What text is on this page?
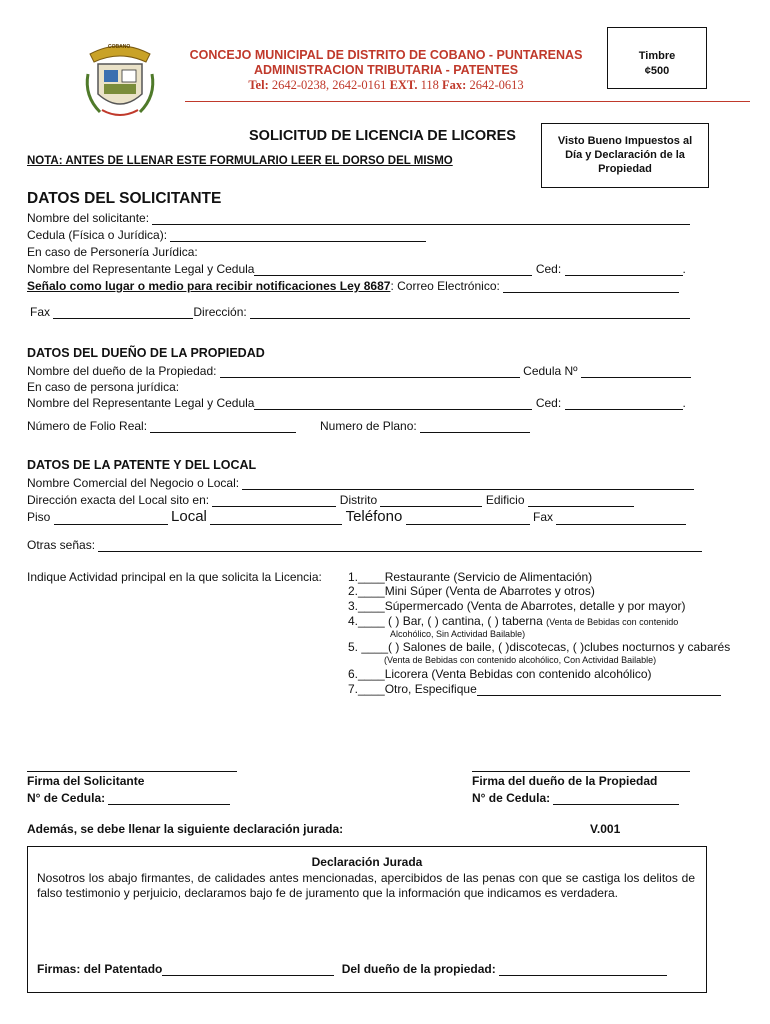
COBANO
CONCEJO MUNICIPAL DE DISTRITO DE COBANO - PUNTARENAS
ADMINISTRACION TRIBUTARIA - PATENTES
Tel: 2642-0238, 2642-0161 EXT. 118 Fax: 2642-0613
Timbre
¢500
SOLICITUD DE LICENCIA DE LICORES
NOTA: ANTES DE LLENAR ESTE FORMULARIO LEER EL DORSO DEL MISMO
Visto Bueno Impuestos al Día y Declaración de la Propiedad
DATOS DEL SOLICITANTE
Nombre del solicitante:
Cedula (Física o Jurídica):
En caso de Personería Jurídica:
Nombre del Representante Legal y Cedula	Ced:	.
Señalo como lugar o medio para recibir notificaciones Ley 8687: Correo Electrónico:
Fax	Dirección:
DATOS DEL DUEÑO DE LA PROPIEDAD
Nombre del dueño de la Propiedad:	Cedula Nº
En caso de persona jurídica:
Nombre del Representante Legal y Cedula	Ced:	.
Número de Folio Real:	Numero de Plano:
DATOS DE LA PATENTE Y DEL LOCAL
Nombre Comercial del Negocio o Local:
Dirección exacta del Local sito en:	Distrito	Edificio
Piso	Local	Teléfono	Fax
Otras señas:
Indique Actividad principal en la que solicita la Licencia: 1.____Restaurante (Servicio de Alimentación)
2.____Mini Súper (Venta de Abarrotes y otros)
3.____Súpermercado (Venta de Abarrotes, detalle y por mayor)
4.____ ( ) Bar, ( ) cantina, ( ) taberna (Venta de Bebidas con contenido
Alcohólico, Sin Actividad Bailable)
5. ____( ) Salones de baile, ( )discotecas, ( )clubes nocturnos y cabarés
(Venta de Bebidas con contenido alcohólico, Con Actividad Bailable)
6.____Licorera (Venta Bebidas con contenido alcohólico)
7.____Otro, Especifique
Firma del Solicitante
N° de Cedula:
Firma del dueño de la Propiedad
N° de Cedula:
Además, se debe llenar la siguiente declaración jurada:	V.001
Declaración Jurada
Nosotros los abajo firmantes, de calidades antes mencionadas, apercibidos de las penas con que se castiga los delitos de falso testimonio y perjuicio, declaramos bajo fe de juramento que la información que indicamos es verdadera.
Firmas: del Patentado	Del dueño de la propiedad:
